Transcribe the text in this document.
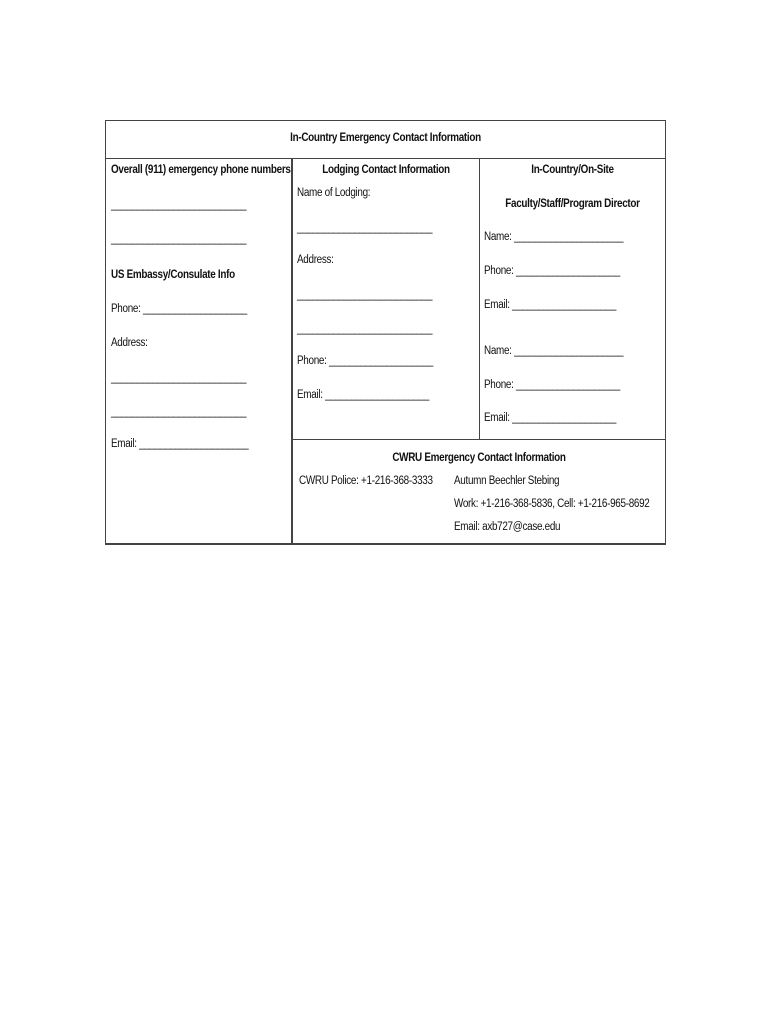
In-Country Emergency Contact Information
Overall (911) emergency phone numbers
__________________________
__________________________
US Embassy/Consulate Info
Phone: ____________________
Address:
__________________________
__________________________
Email: _____________________
Lodging Contact Information
Name of Lodging:
__________________________
Address:
__________________________
__________________________
Phone: ____________________
Email: ____________________
In-Country/On-Site
Faculty/Staff/Program Director
Name: _____________________
Phone: ____________________
Email: ____________________
Name: _____________________
Phone: ____________________
Email: ____________________
CWRU Emergency Contact Information
CWRU Police: +1-216-368-3333 Autumn Beechler Stebing
Work: +1-216-368-5836, Cell: +1-216-965-8692
Email: axb727@case.edu
